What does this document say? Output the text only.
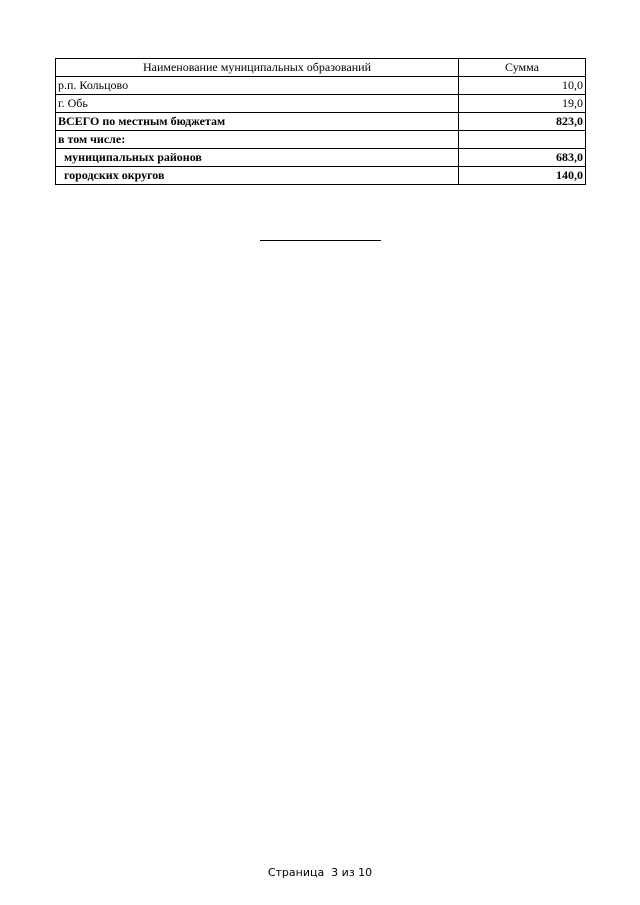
Наименование муниципальных образований	Сумма
р.п. Кольцово	10,0
г. Обь	19,0
ВСЕГО по местным бюджетам	823,0
в том числе:	
муниципальных районов	683,0
городских округов	140,0
Страница  3 из 10
